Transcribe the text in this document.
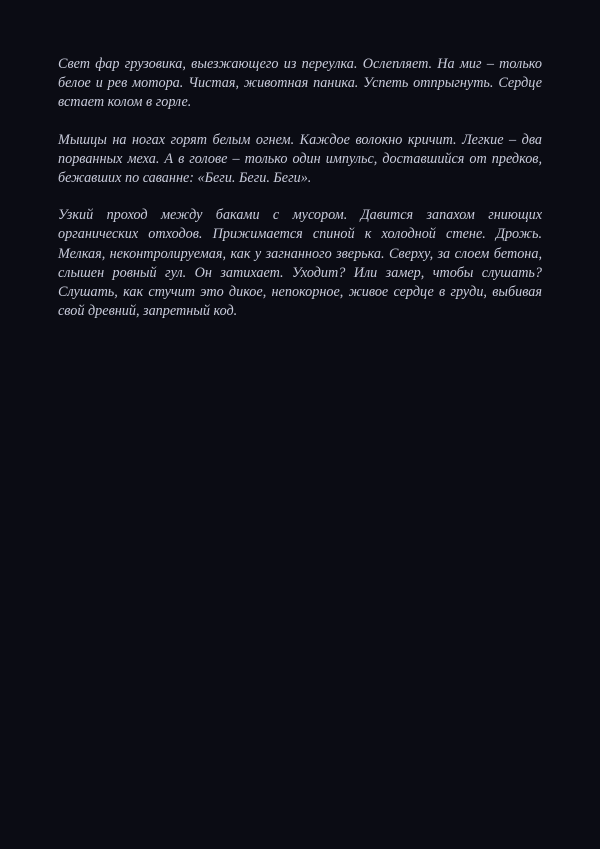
Свет фар грузовика, выезжающего из переулка. Ослепляет. На миг – только белое и рев мотора. Чистая, животная паника. Успеть отпрыгнуть. Сердце встает колом в горле.

Мышцы на ногах горят белым огнем. Каждое волокно кричит. Легкие – два порванных меха. А в голове – только один импульс, доставшийся от предков, бежавших по саванне: «Беги. Беги. Беги».

Узкий проход между баками с мусором. Давится запахом гниющих органических отходов. Прижимается спиной к холодной стене. Дрожь. Мелкая, неконтролируемая, как у загнанного зверька. Сверху, за слоем бетона, слышен ровный гул. Он затихает. Уходит? Или замер, чтобы слушать? Слушать, как стучит это дикое, непокорное, живое сердце в груди, выбивая свой древний, запретный код.
